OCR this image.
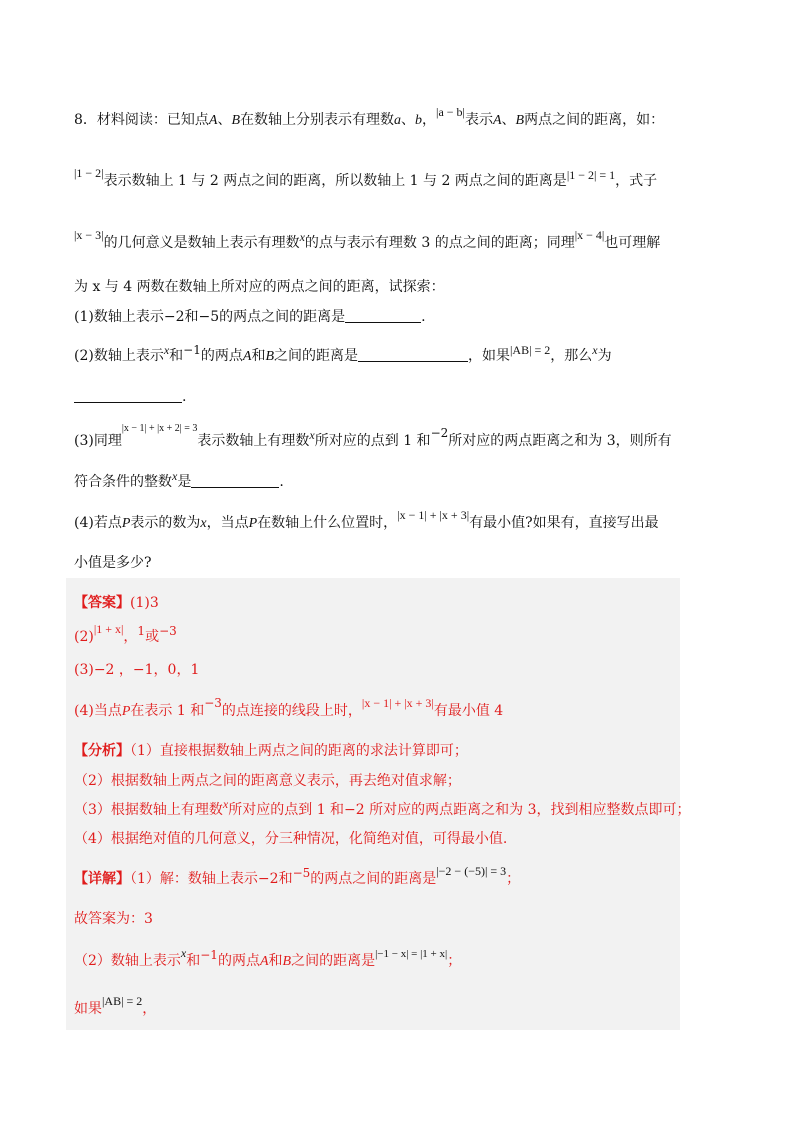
8．材料阅读：已知点A、B在数轴上分别表示有理数a、b，|a − b|表示A、B两点之间的距离，如：
|1 − 2|表示数轴上 1 与 2 两点之间的距离，所以数轴上 1 与 2 两点之间的距离是|1 − 2| = 1，式子
|x − 3|的几何意义是数轴上表示有理数x的点与表示有理数 3 的点之间的距离；同理|x − 4|也可理解
为 x 与 4 两数在数轴上所对应的两点之间的距离，试探索：
(1)数轴上表示−2和−5的两点之间的距离是	.
(2)数轴上表示x和−1的两点A和B之间的距离是	，如果|AB| = 2，那么x为
.
(3)同理$^{|x - 1| + |x + 2| = 3}$表示数轴上有理数x所对应的点到 1 和−2所对应的两点距离之和为 3，则所有
符合条件的整数x是	.
(4)若点P表示的数为x，当点P在数轴上什么位置时，|x − 1| + |x + 3|有最小值?如果有，直接写出最
小值是多少?
【答案】(1)3
(2)|1 + x|，1或−3
(3)−2 ，−1，0，1
(4)当点P在表示 1 和−3的点连接的线段上时，|x − 1| + |x + 3|有最小值 4
【分析】（1）直接根据数轴上两点之间的距离的求法计算即可；
（2）根据数轴上两点之间的距离意义表示，再去绝对值求解；
（3）根据数轴上有理数x所对应的点到 1 和−2 所对应的两点距离之和为 3，找到相应整数点即可；
（4）根据绝对值的几何意义，分三种情况，化简绝对值，可得最小值.
【详解】（1）解：数轴上表示−2和−5的两点之间的距离是|−2 − (−5)| = 3；
故答案为：3
（2）数轴上表示x和−1的两点A和B之间的距离是$^{|-1 - x| = |1 + x|}$；
如果|AB| = 2，
